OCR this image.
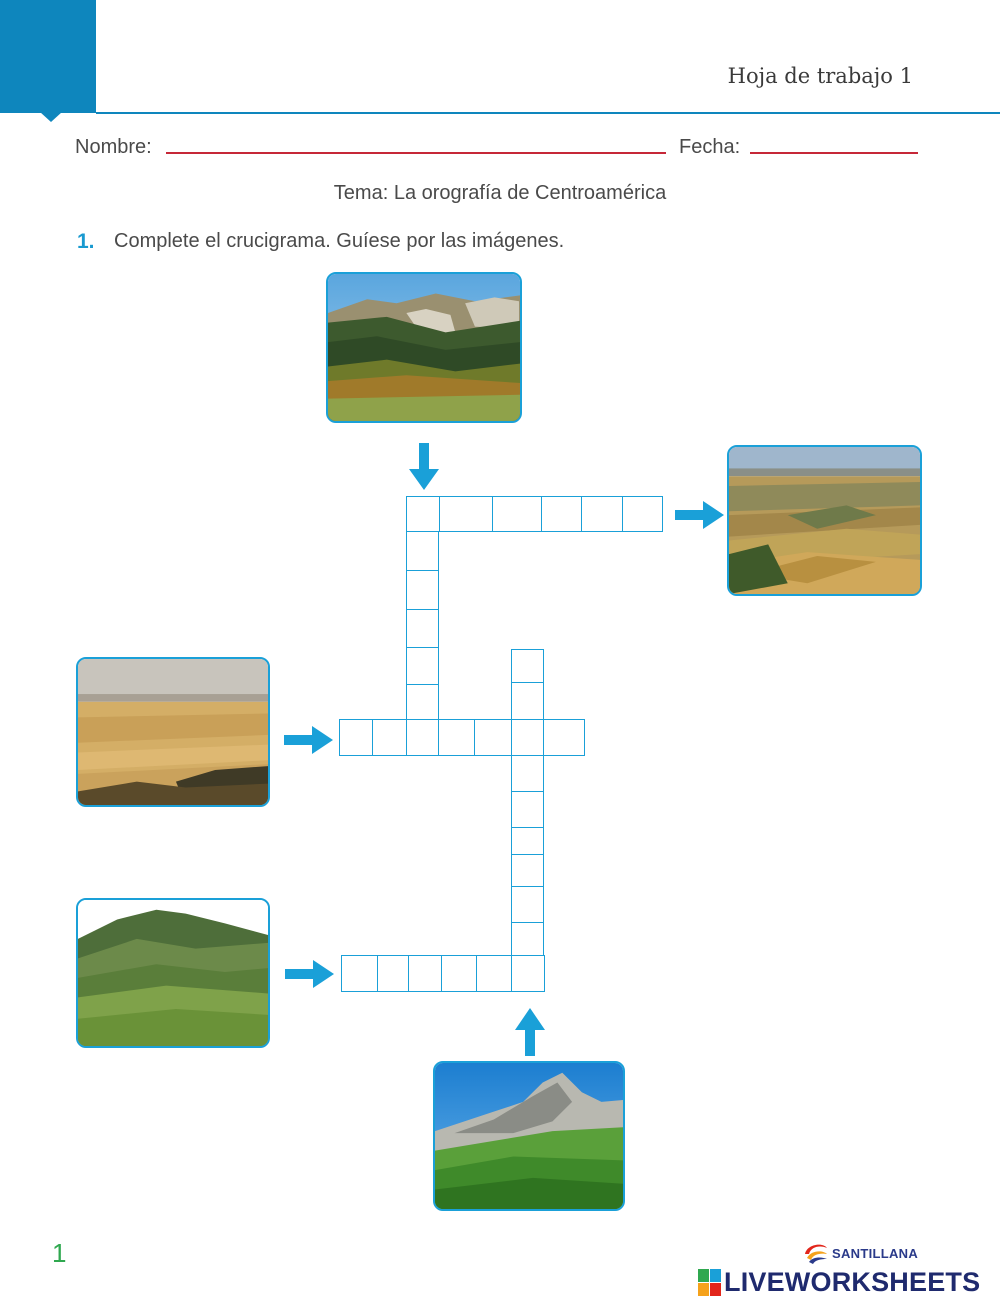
Hoja de trabajo 1
Nombre:	Fecha:
Tema: La orografía de Centroamérica
1. Complete el crucigrama. Guíese por las imágenes.
1	SANTILLANA
LIVEWORKSHEETS
